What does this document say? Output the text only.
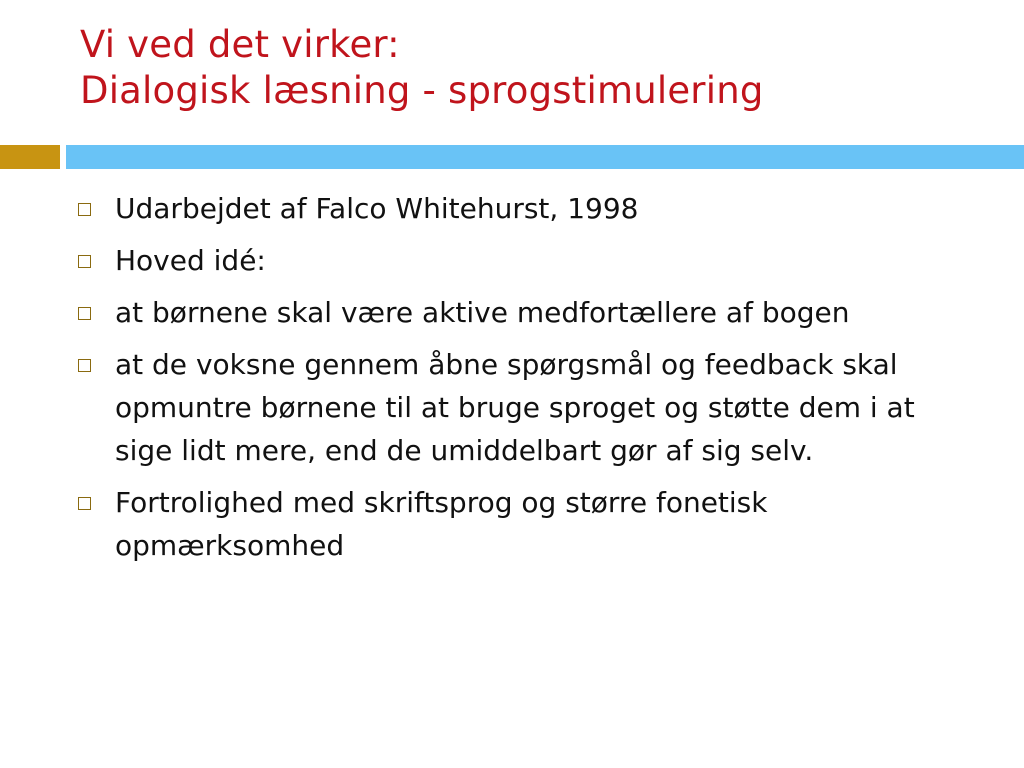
Vi ved det virker:
Dialogisk læsning - sprogstimulering
Udarbejdet af Falco Whitehurst, 1998
Hoved idé:
at børnene skal være aktive medfortællere af bogen
at de voksne gennem åbne spørgsmål og feedback skal opmuntre børnene til at bruge sproget og støtte dem i at sige lidt mere, end de umiddelbart gør af sig selv.
Fortrolighed med skriftsprog og større fonetisk opmærksomhed
